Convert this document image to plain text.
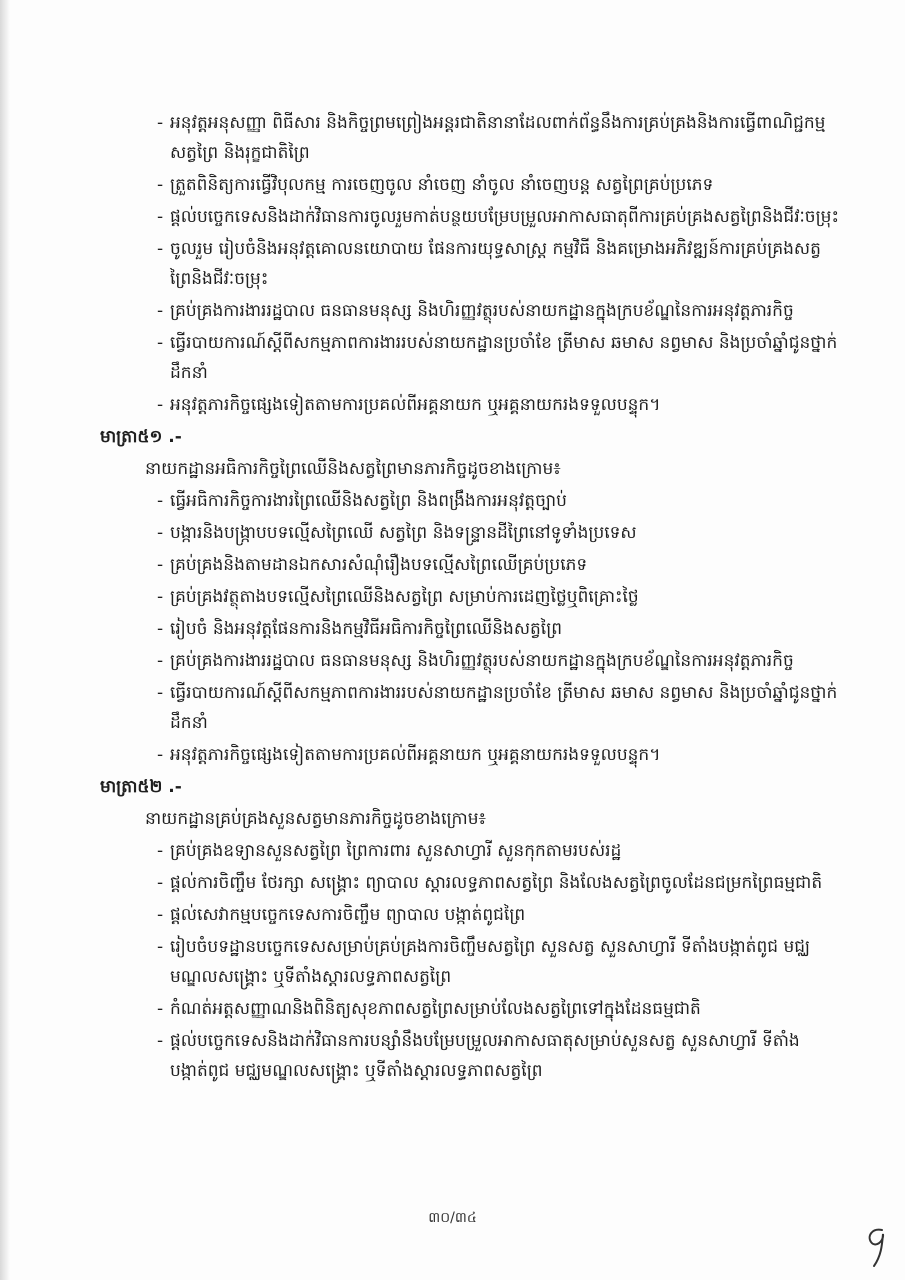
- អនុវត្តអនុសញ្ញា ពិធីសារ និងកិច្ចព្រមព្រៀងអន្តរជាតិនានាដែលពាក់ព័ន្ធនឹងការគ្រប់គ្រងនិងការធ្វើពាណិជ្ជកម្មសត្វព្រៃ និងរុក្ខជាតិព្រៃ
- ត្រួតពិនិត្យការធ្វើវិបុលកម្ម ការចេញចូល នាំចេញ នាំចូល នាំចេញបន្ត សត្វព្រៃគ្រប់ប្រភេទ
- ផ្តល់បច្ចេកទេសនិងដាក់វិធានការចូលរួមកាត់បន្ថយបម្រែបម្រួលអាកាសធាតុពីការគ្រប់គ្រងសត្វព្រៃនិងជីវៈចម្រុះ
- ចូលរួម រៀបចំនិងអនុវត្តគោលនយោបាយ ផែនការយុទ្ធសាស្ត្រ កម្មវិធី និងគម្រោងអភិវឌ្ឍន៍ការគ្រប់គ្រងសត្វព្រៃនិងជីវៈចម្រុះ
- គ្រប់គ្រងការងាររដ្ឋបាល ធនធានមនុស្ស និងហិរញ្ញវត្ថុរបស់នាយកដ្ឋានក្នុងក្របខ័ណ្ឌនៃការអនុវត្តភារកិច្ច
- ធ្វើរបាយការណ៍ស្តីពីសកម្មភាពការងាររបស់នាយកដ្ឋានប្រចាំខែ ត្រីមាស ឆមាស នព្វមាស និងប្រចាំឆ្នាំជូនថ្នាក់ដឹកនាំ
- អនុវត្តភារកិច្ចផ្សេងទៀតតាមការប្រគល់ពីអគ្គនាយក ឬអគ្គនាយករងទទួលបន្ទុក។
មាត្រា៥១ .-
នាយកដ្ឋានអធិការកិច្ចព្រៃឈើនិងសត្វព្រៃមានភារកិច្ចដូចខាងក្រោម៖
- ធ្វើអធិការកិច្ចការងារព្រៃឈើនិងសត្វព្រៃ និងពង្រឹងការអនុវត្តច្បាប់
- បង្ការនិងបង្ក្រាបបទល្មើសព្រៃឈើ សត្វព្រៃ និងទន្ទ្រានដីព្រៃនៅទូទាំងប្រទេស
- គ្រប់គ្រងនិងតាមដានឯកសារសំណុំរឿងបទល្មើសព្រៃឈើគ្រប់ប្រភេទ
- គ្រប់គ្រងវត្ថុតាងបទល្មើសព្រៃឈើនិងសត្វព្រៃ សម្រាប់ការដេញថ្លៃឬពិគ្រោះថ្លៃ
- រៀបចំ និងអនុវត្តផែនការនិងកម្មវិធីអធិការកិច្ចព្រៃឈើនិងសត្វព្រៃ
- គ្រប់គ្រងការងាររដ្ឋបាល ធនធានមនុស្ស និងហិរញ្ញវត្ថុរបស់នាយកដ្ឋានក្នុងក្របខ័ណ្ឌនៃការអនុវត្តភារកិច្ច
- ធ្វើរបាយការណ៍ស្តីពីសកម្មភាពការងាររបស់នាយកដ្ឋានប្រចាំខែ ត្រីមាស ឆមាស នព្វមាស និងប្រចាំឆ្នាំជូនថ្នាក់ដឹកនាំ
- អនុវត្តភារកិច្ចផ្សេងទៀតតាមការប្រគល់ពីអគ្គនាយក ឬអគ្គនាយករងទទួលបន្ទុក។
មាត្រា៥២ .-
នាយកដ្ឋានគ្រប់គ្រងសួនសត្វមានភារកិច្ចដូចខាងក្រោម៖
- គ្រប់គ្រងឧទ្យានសួនសត្វព្រៃ ព្រៃការពារ សួនសាហ្វារី សួនកុកតាមរបស់រដ្ឋ
- ផ្តល់ការចិញ្ចឹម ថែរក្សា សង្គ្រោះ ព្យាបាល ស្តារលទ្ធភាពសត្វព្រៃ និងលែងសត្វព្រៃចូលដែនជម្រកព្រៃធម្មជាតិ
- ផ្តល់សេវាកម្មបច្ចេកទេសការចិញ្ចឹម ព្យាបាល បង្កាត់ពូជព្រៃ
- រៀបចំបទដ្ឋានបច្ចេកទេសសម្រាប់គ្រប់គ្រងការចិញ្ចឹមសត្វព្រៃ សួនសត្វ សួនសាហ្វារី ទីតាំងបង្កាត់ពូជ មជ្ឈមណ្ឌលសង្គ្រោះ ឬទីតាំងស្តារលទ្ធភាពសត្វព្រៃ
- កំណត់អត្តសញ្ញាណនិងពិនិត្យសុខភាពសត្វព្រៃសម្រាប់លែងសត្វព្រៃទៅក្នុងដែនធម្មជាតិ
- ផ្តល់បច្ចេកទេសនិងដាក់វិធានការបន្សាំនឹងបម្រែបម្រួលអាកាសធាតុសម្រាប់សួនសត្វ សួនសាហ្វារី ទីតាំងបង្កាត់ពូជ មជ្ឈមណ្ឌលសង្គ្រោះ ឬទីតាំងស្តារលទ្ធភាពសត្វព្រៃ
៣០/៣៤
